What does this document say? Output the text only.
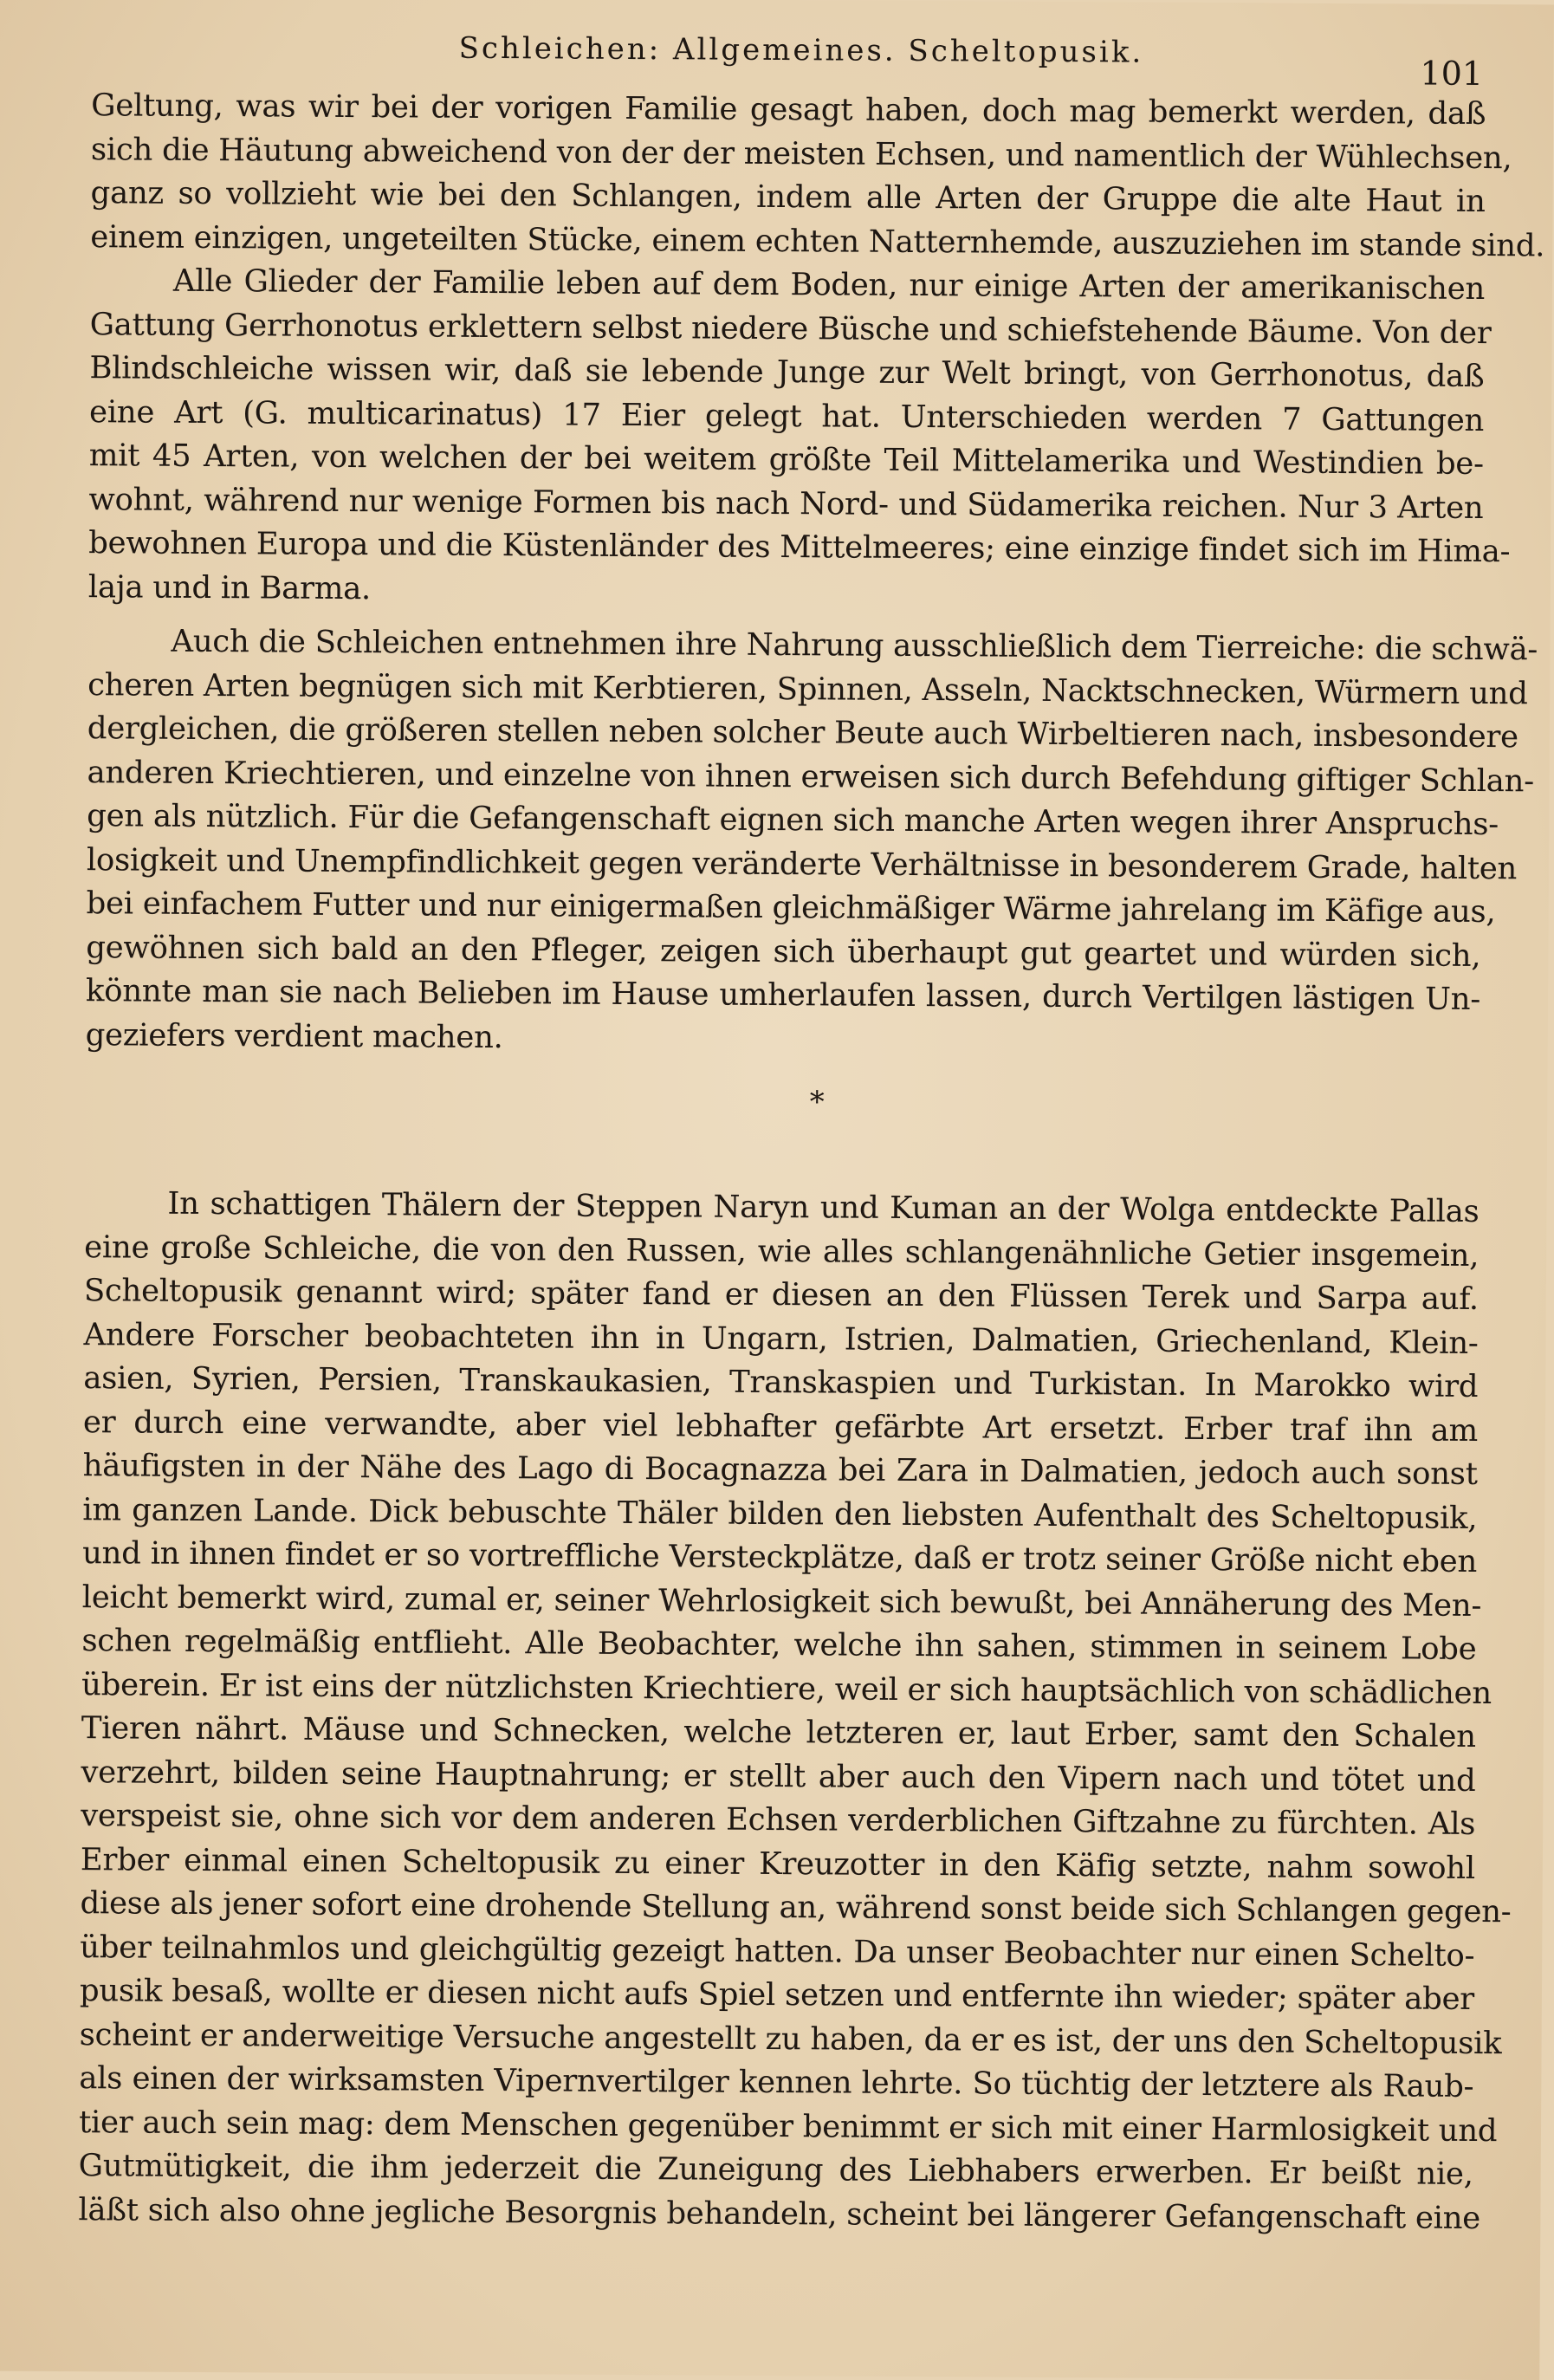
Schleichen: Allgemeines. Scheltopusik.
101
Geltung, was wir bei der vorigen Familie gesagt haben, doch mag bemerkt werden, daß
sich die Häutung abweichend von der der meisten Echsen, und namentlich der Wühlechsen,
ganz so vollzieht wie bei den Schlangen, indem alle Arten der Gruppe die alte Haut in
einem einzigen, ungeteilten Stücke, einem echten Natternhemde, auszuziehen im stande sind.
Alle Glieder der Familie leben auf dem Boden, nur einige Arten der amerikanischen
Gattung Gerrhonotus erklettern selbst niedere Büsche und schiefstehende Bäume. Von der
Blindschleiche wissen wir, daß sie lebende Junge zur Welt bringt, von Gerrhonotus, daß
eine Art (G. multicarinatus) 17 Eier gelegt hat. Unterschieden werden 7 Gattungen
mit 45 Arten, von welchen der bei weitem größte Teil Mittelamerika und Westindien be-
wohnt, während nur wenige Formen bis nach Nord- und Südamerika reichen. Nur 3 Arten
bewohnen Europa und die Küstenländer des Mittelmeeres; eine einzige findet sich im Hima-
laja und in Barma.
Auch die Schleichen entnehmen ihre Nahrung ausschließlich dem Tierreiche: die schwä-
cheren Arten begnügen sich mit Kerbtieren, Spinnen, Asseln, Nacktschnecken, Würmern und
dergleichen, die größeren stellen neben solcher Beute auch Wirbeltieren nach, insbesondere
anderen Kriechtieren, und einzelne von ihnen erweisen sich durch Befehdung giftiger Schlan-
gen als nützlich. Für die Gefangenschaft eignen sich manche Arten wegen ihrer Anspruchs-
losigkeit und Unempfindlichkeit gegen veränderte Verhältnisse in besonderem Grade, halten
bei einfachem Futter und nur einigermaßen gleichmäßiger Wärme jahrelang im Käfige aus,
gewöhnen sich bald an den Pfleger, zeigen sich überhaupt gut geartet und würden sich,
könnte man sie nach Belieben im Hause umherlaufen lassen, durch Vertilgen lästigen Un-
geziefers verdient machen.
*
In schattigen Thälern der Steppen Naryn und Kuman an der Wolga entdeckte Pallas
eine große Schleiche, die von den Russen, wie alles schlangenähnliche Getier insgemein,
Scheltopusik genannt wird; später fand er diesen an den Flüssen Terek und Sarpa auf.
Andere Forscher beobachteten ihn in Ungarn, Istrien, Dalmatien, Griechenland, Klein-
asien, Syrien, Persien, Transkaukasien, Transkaspien und Turkistan. In Marokko wird
er durch eine verwandte, aber viel lebhafter gefärbte Art ersetzt. Erber traf ihn am
häufigsten in der Nähe des Lago di Bocagnazza bei Zara in Dalmatien, jedoch auch sonst
im ganzen Lande. Dick bebuschte Thäler bilden den liebsten Aufenthalt des Scheltopusik,
und in ihnen findet er so vortreffliche Versteckplätze, daß er trotz seiner Größe nicht eben
leicht bemerkt wird, zumal er, seiner Wehrlosigkeit sich bewußt, bei Annäherung des Men-
schen regelmäßig entflieht. Alle Beobachter, welche ihn sahen, stimmen in seinem Lobe
überein. Er ist eins der nützlichsten Kriechtiere, weil er sich hauptsächlich von schädlichen
Tieren nährt. Mäuse und Schnecken, welche letzteren er, laut Erber, samt den Schalen
verzehrt, bilden seine Hauptnahrung; er stellt aber auch den Vipern nach und tötet und
verspeist sie, ohne sich vor dem anderen Echsen verderblichen Giftzahne zu fürchten. Als
Erber einmal einen Scheltopusik zu einer Kreuzotter in den Käfig setzte, nahm sowohl
diese als jener sofort eine drohende Stellung an, während sonst beide sich Schlangen gegen-
über teilnahmlos und gleichgültig gezeigt hatten. Da unser Beobachter nur einen Schelto-
pusik besaß, wollte er diesen nicht aufs Spiel setzen und entfernte ihn wieder; später aber
scheint er anderweitige Versuche angestellt zu haben, da er es ist, der uns den Scheltopusik
als einen der wirksamsten Vipernvertilger kennen lehrte. So tüchtig der letztere als Raub-
tier auch sein mag: dem Menschen gegenüber benimmt er sich mit einer Harmlosigkeit und
Gutmütigkeit, die ihm jederzeit die Zuneigung des Liebhabers erwerben. Er beißt nie,
läßt sich also ohne jegliche Besorgnis behandeln, scheint bei längerer Gefangenschaft eine
